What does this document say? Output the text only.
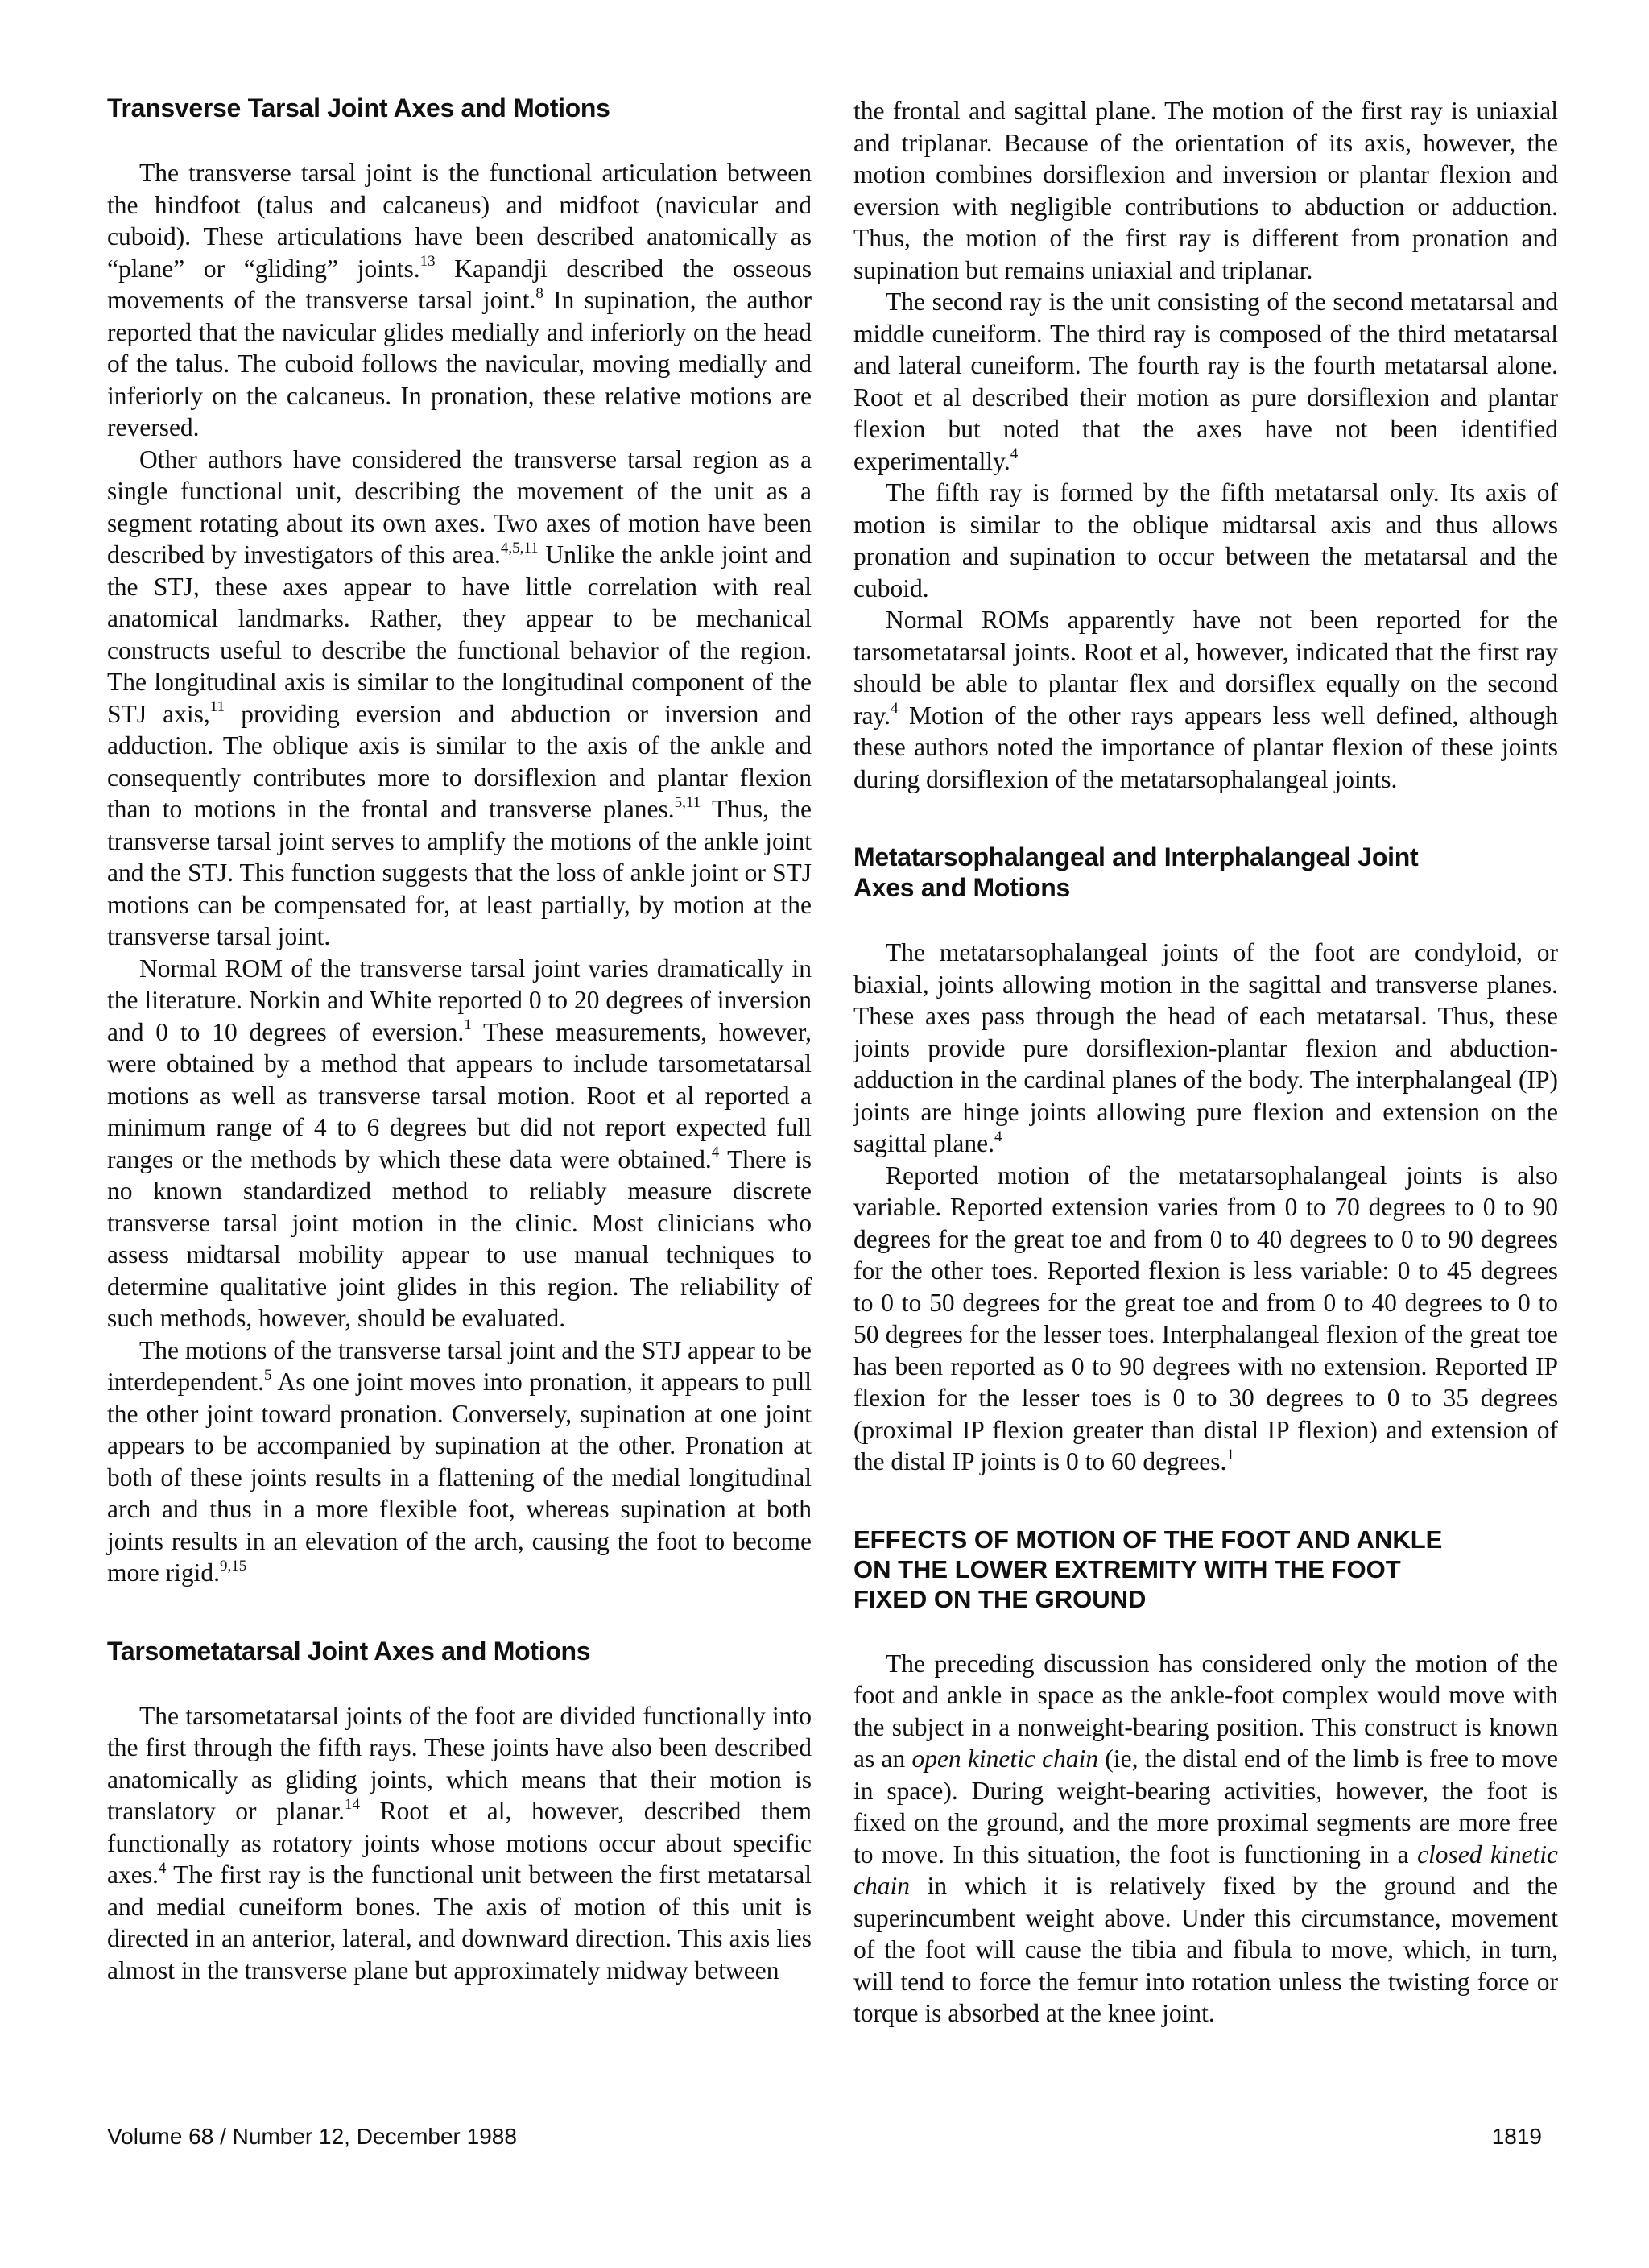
Transverse Tarsal Joint Axes and Motions

The transverse tarsal joint is the functional articulation between the hindfoot (talus and calcaneus) and midfoot (navicular and cuboid). These articulations have been described anatomically as “plane” or “gliding” joints.$^{13}$ Kapandji described the osseous movements of the transverse tarsal joint.$^8$ In supination, the author reported that the navicular glides medially and inferiorly on the head of the talus. The cuboid follows the navicular, moving medially and inferiorly on the calcaneus. In pronation, these relative motions are reversed.

Other authors have considered the transverse tarsal region as a single functional unit, describing the movement of the unit as a segment rotating about its own axes. Two axes of motion have been described by investigators of this area.$^{4,5,11}$ Unlike the ankle joint and the STJ, these axes appear to have little correlation with real anatomical landmarks. Rather, they appear to be mechanical constructs useful to describe the functional behavior of the region. The longitudinal axis is similar to the longitudinal component of the STJ axis,$^{11}$ providing eversion and abduction or inversion and adduction. The oblique axis is similar to the axis of the ankle and consequently contributes more to dorsiflexion and plantar flexion than to motions in the frontal and transverse planes.$^{5,11}$ Thus, the transverse tarsal joint serves to amplify the motions of the ankle joint and the STJ. This function suggests that the loss of ankle joint or STJ motions can be compensated for, at least partially, by motion at the transverse tarsal joint.

Normal ROM of the transverse tarsal joint varies dramatically in the literature. Norkin and White reported 0 to 20 degrees of inversion and 0 to 10 degrees of eversion.$^1$ These measurements, however, were obtained by a method that appears to include tarsometatarsal motions as well as transverse tarsal motion. Root et al reported a minimum range of 4 to 6 degrees but did not report expected full ranges or the methods by which these data were obtained.$^4$ There is no known standardized method to reliably measure discrete transverse tarsal joint motion in the clinic. Most clinicians who assess midtarsal mobility appear to use manual techniques to determine qualitative joint glides in this region. The reliability of such methods, however, should be evaluated.

The motions of the transverse tarsal joint and the STJ appear to be interdependent.$^5$ As one joint moves into pronation, it appears to pull the other joint toward pronation. Conversely, supination at one joint appears to be accompanied by supination at the other. Pronation at both of these joints results in a flattening of the medial longitudinal arch and thus in a more flexible foot, whereas supination at both joints results in an elevation of the arch, causing the foot to become more rigid.$^{9,15}$

Tarsometatarsal Joint Axes and Motions

The tarsometatarsal joints of the foot are divided functionally into the first through the fifth rays. These joints have also been described anatomically as gliding joints, which means that their motion is translatory or planar.$^{14}$ Root et al, however, described them functionally as rotatory joints whose motions occur about specific axes.$^4$ The first ray is the functional unit between the first metatarsal and medial cuneiform bones. The axis of motion of this unit is directed in an anterior, lateral, and downward direction. This axis lies almost in the transverse plane but approximately midway between

the frontal and sagittal plane. The motion of the first ray is uniaxial and triplanar. Because of the orientation of its axis, however, the motion combines dorsiflexion and inversion or plantar flexion and eversion with negligible contributions to abduction or adduction. Thus, the motion of the first ray is different from pronation and supination but remains uniaxial and triplanar.

The second ray is the unit consisting of the second metatarsal and middle cuneiform. The third ray is composed of the third metatarsal and lateral cuneiform. The fourth ray is the fourth metatarsal alone. Root et al described their motion as pure dorsiflexion and plantar flexion but noted that the axes have not been identified experimentally.$^4$

The fifth ray is formed by the fifth metatarsal only. Its axis of motion is similar to the oblique midtarsal axis and thus allows pronation and supination to occur between the metatarsal and the cuboid.

Normal ROMs apparently have not been reported for the tarsometatarsal joints. Root et al, however, indicated that the first ray should be able to plantar flex and dorsiflex equally on the second ray.$^4$ Motion of the other rays appears less well defined, although these authors noted the importance of plantar flexion of these joints during dorsiflexion of the metatarsophalangeal joints.

Metatarsophalangeal and Interphalangeal Joint
Axes and Motions

The metatarsophalangeal joints of the foot are condyloid, or biaxial, joints allowing motion in the sagittal and transverse planes. These axes pass through the head of each metatarsal. Thus, these joints provide pure dorsiflexion-plantar flexion and abduction-adduction in the cardinal planes of the body. The interphalangeal (IP) joints are hinge joints allowing pure flexion and extension on the sagittal plane.$^4$

Reported motion of the metatarsophalangeal joints is also variable. Reported extension varies from 0 to 70 degrees to 0 to 90 degrees for the great toe and from 0 to 40 degrees to 0 to 90 degrees for the other toes. Reported flexion is less variable: 0 to 45 degrees to 0 to 50 degrees for the great toe and from 0 to 40 degrees to 0 to 50 degrees for the lesser toes. Interphalangeal flexion of the great toe has been reported as 0 to 90 degrees with no extension. Reported IP flexion for the lesser toes is 0 to 30 degrees to 0 to 35 degrees (proximal IP flexion greater than distal IP flexion) and extension of the distal IP joints is 0 to 60 degrees.$^1$

EFFECTS OF MOTION OF THE FOOT AND ANKLE
ON THE LOWER EXTREMITY WITH THE FOOT
FIXED ON THE GROUND

The preceding discussion has considered only the motion of the foot and ankle in space as the ankle-foot complex would move with the subject in a nonweight-bearing position. This construct is known as an open kinetic chain (ie, the distal end of the limb is free to move in space). During weight-bearing activities, however, the foot is fixed on the ground, and the more proximal segments are more free to move. In this situation, the foot is functioning in a closed kinetic chain in which it is relatively fixed by the ground and the superincumbent weight above. Under this circumstance, movement of the foot will cause the tibia and fibula to move, which, in turn, will tend to force the femur into rotation unless the twisting force or torque is absorbed at the knee joint.

Volume 68 / Number 12, December 1988	1819
